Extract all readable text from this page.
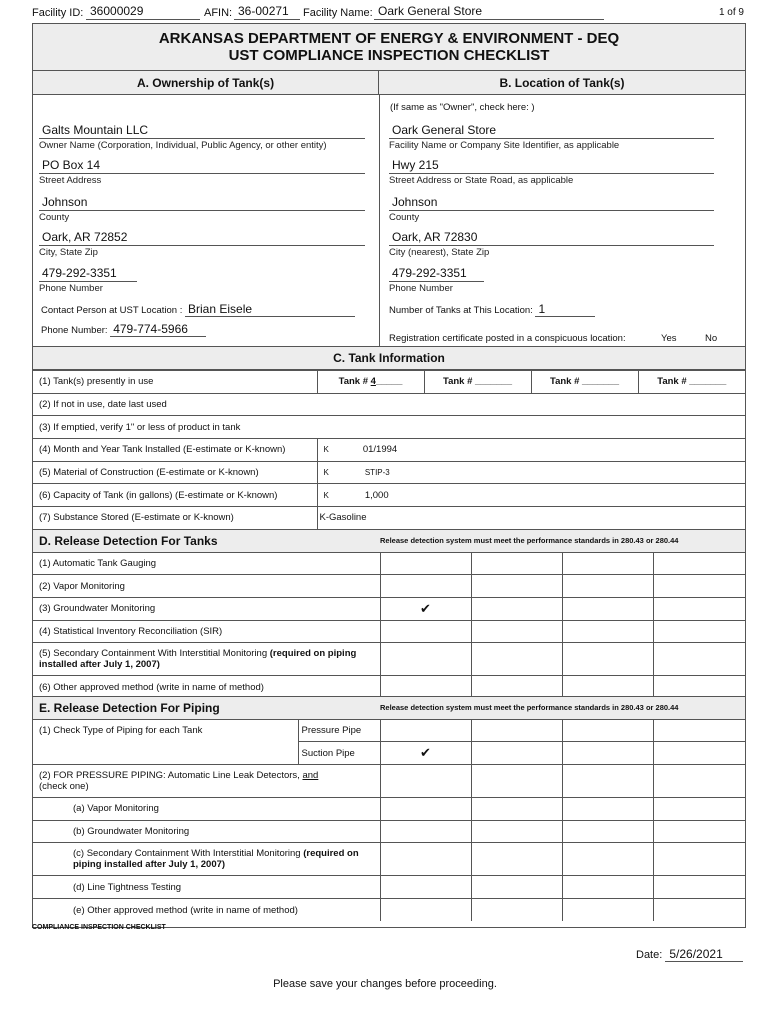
Facility ID: 36000029	AFIN: 36-00271	Facility Name: Oark General Store	1 of 9
ARKANSAS DEPARTMENT OF ENERGY & ENVIRONMENT - DEQ
UST COMPLIANCE INSPECTION CHECKLIST
A. Ownership of Tank(s)	B. Location of Tank(s)
Galts Mountain LLC
Owner Name (Corporation, Individual, Public Agency, or other entity)
PO Box 14
Street Address
Johnson
County
Oark, AR 72852
City, State Zip
479-292-3351
Phone Number
Contact Person at UST Location : Brian Eisele
Phone Number: 479-774-5966
(If same as "Owner", check here: )
Oark General Store
Facility Name or Company Site Identifier, as applicable
Hwy 215
Street Address or State Road, as applicable
Johnson
County
Oark, AR 72830
City (nearest), State Zip
479-292-3351
Phone Number
Number of Tanks at This Location: 1
Registration certificate posted in a conspicuous location:	Yes	No
C. Tank Information
(1) Tank(s) presently in use	Tank # 4_____	Tank # _______	Tank # _______	Tank # _______
(2) If not in use, date last used				
(3) If emptied, verify 1" or less of product in tank				
(4) Month and Year Tank Installed (E-estimate or K-known)	K 01/1994			
(5) Material of Construction (E-estimate or K-known)	K STIP-3			
(6) Capacity of Tank (in gallons) (E-estimate or K-known)	K 1,000			
(7) Substance Stored (E-estimate or K-known)	K-Gasoline			
D. Release Detection For Tanks	Release detection system must meet the performance standards in 280.43 or 280.44			
(1) Automatic Tank Gauging				
(2) Vapor Monitoring				
(3) Groundwater Monitoring	✔			
(4) Statistical Inventory Reconciliation (SIR)				
(5) Secondary Containment With Interstitial Monitoring (required on piping installed after July 1, 2007)				
(6) Other approved method (write in name of method)				
E. Release Detection For Piping		Release detection system must meet the performance standards in 280.43 or 280.44			
(1) Check Type of Piping for each Tank	Pressure Pipe				
	Suction Pipe	✔			
(2) FOR PRESSURE PIPING: Automatic Line Leak Detectors, and
(check one)					
(a) Vapor Monitoring					
(b) Groundwater Monitoring					
(c) Secondary Containment With Interstitial Monitoring (required on piping installed after July 1, 2007)					
(d) Line Tightness Testing					
(e) Other approved method (write in name of method)					
COMPLIANCE INSPECTION CHECKLIST
Date: 5/26/2021
Please save your changes before proceeding.
